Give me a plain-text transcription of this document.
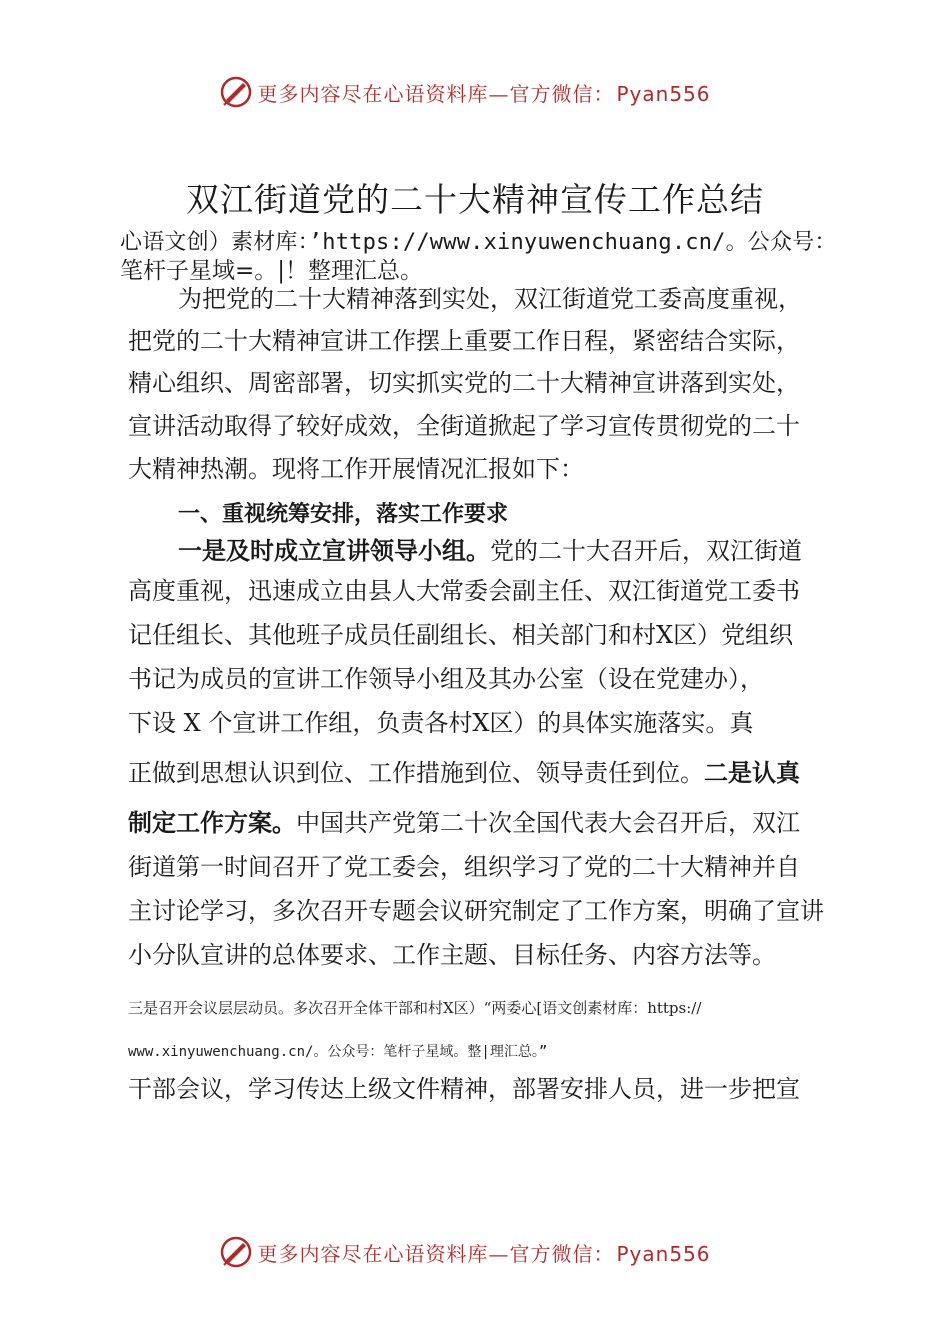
更多内容尽在心语资料库—官方微信： Pyan556
双江街道党的二十大精神宣传工作总结
心语文创）素材库：’https://www.xinyuwenchuang.cn/。公众号：
笔杆子星域=。|！整理汇总。
为把党的二十大精神落到实处，双江街道党工委高度重视，
把党的二十大精神宣讲工作摆上重要工作日程，紧密结合实际，
精心组织、周密部署，切实抓实党的二十大精神宣讲落到实处，
宣讲活动取得了较好成效，全街道掀起了学习宣传贯彻党的二十
大精神热潮。现将工作开展情况汇报如下：
一、重视统筹安排，落实工作要求
一是及时成立宣讲领导小组。党的二十大召开后，双江街道
高度重视，迅速成立由县人大常委会副主任、双江街道党工委书
记任组长、其他班子成员任副组长、相关部门和村X区）党组织
书记为成员的宣讲工作领导小组及其办公室（设在党建办），
下设 X 个宣讲工作组，负责各村X区）的具体实施落实。真
正做到思想认识到位、工作措施到位、领导责任到位。二是认真
制定工作方案。中国共产党第二十次全国代表大会召开后，双江
街道第一时间召开了党工委会，组织学习了党的二十大精神并自
主讨论学习，多次召开专题会议研究制定了工作方案，明确了宣讲
小分队宣讲的总体要求、工作主题、目标任务、内容方法等。
三是召开会议层层动员。多次召开全体干部和村X区）“两委心[语文创素材库：https://
www.xinyuwenchuang.cn/。公众号：笔杆子星域。整|理汇总。”
干部会议，学习传达上级文件精神，部署安排人员，进一步把宣
更多内容尽在心语资料库—官方微信： Pyan556
